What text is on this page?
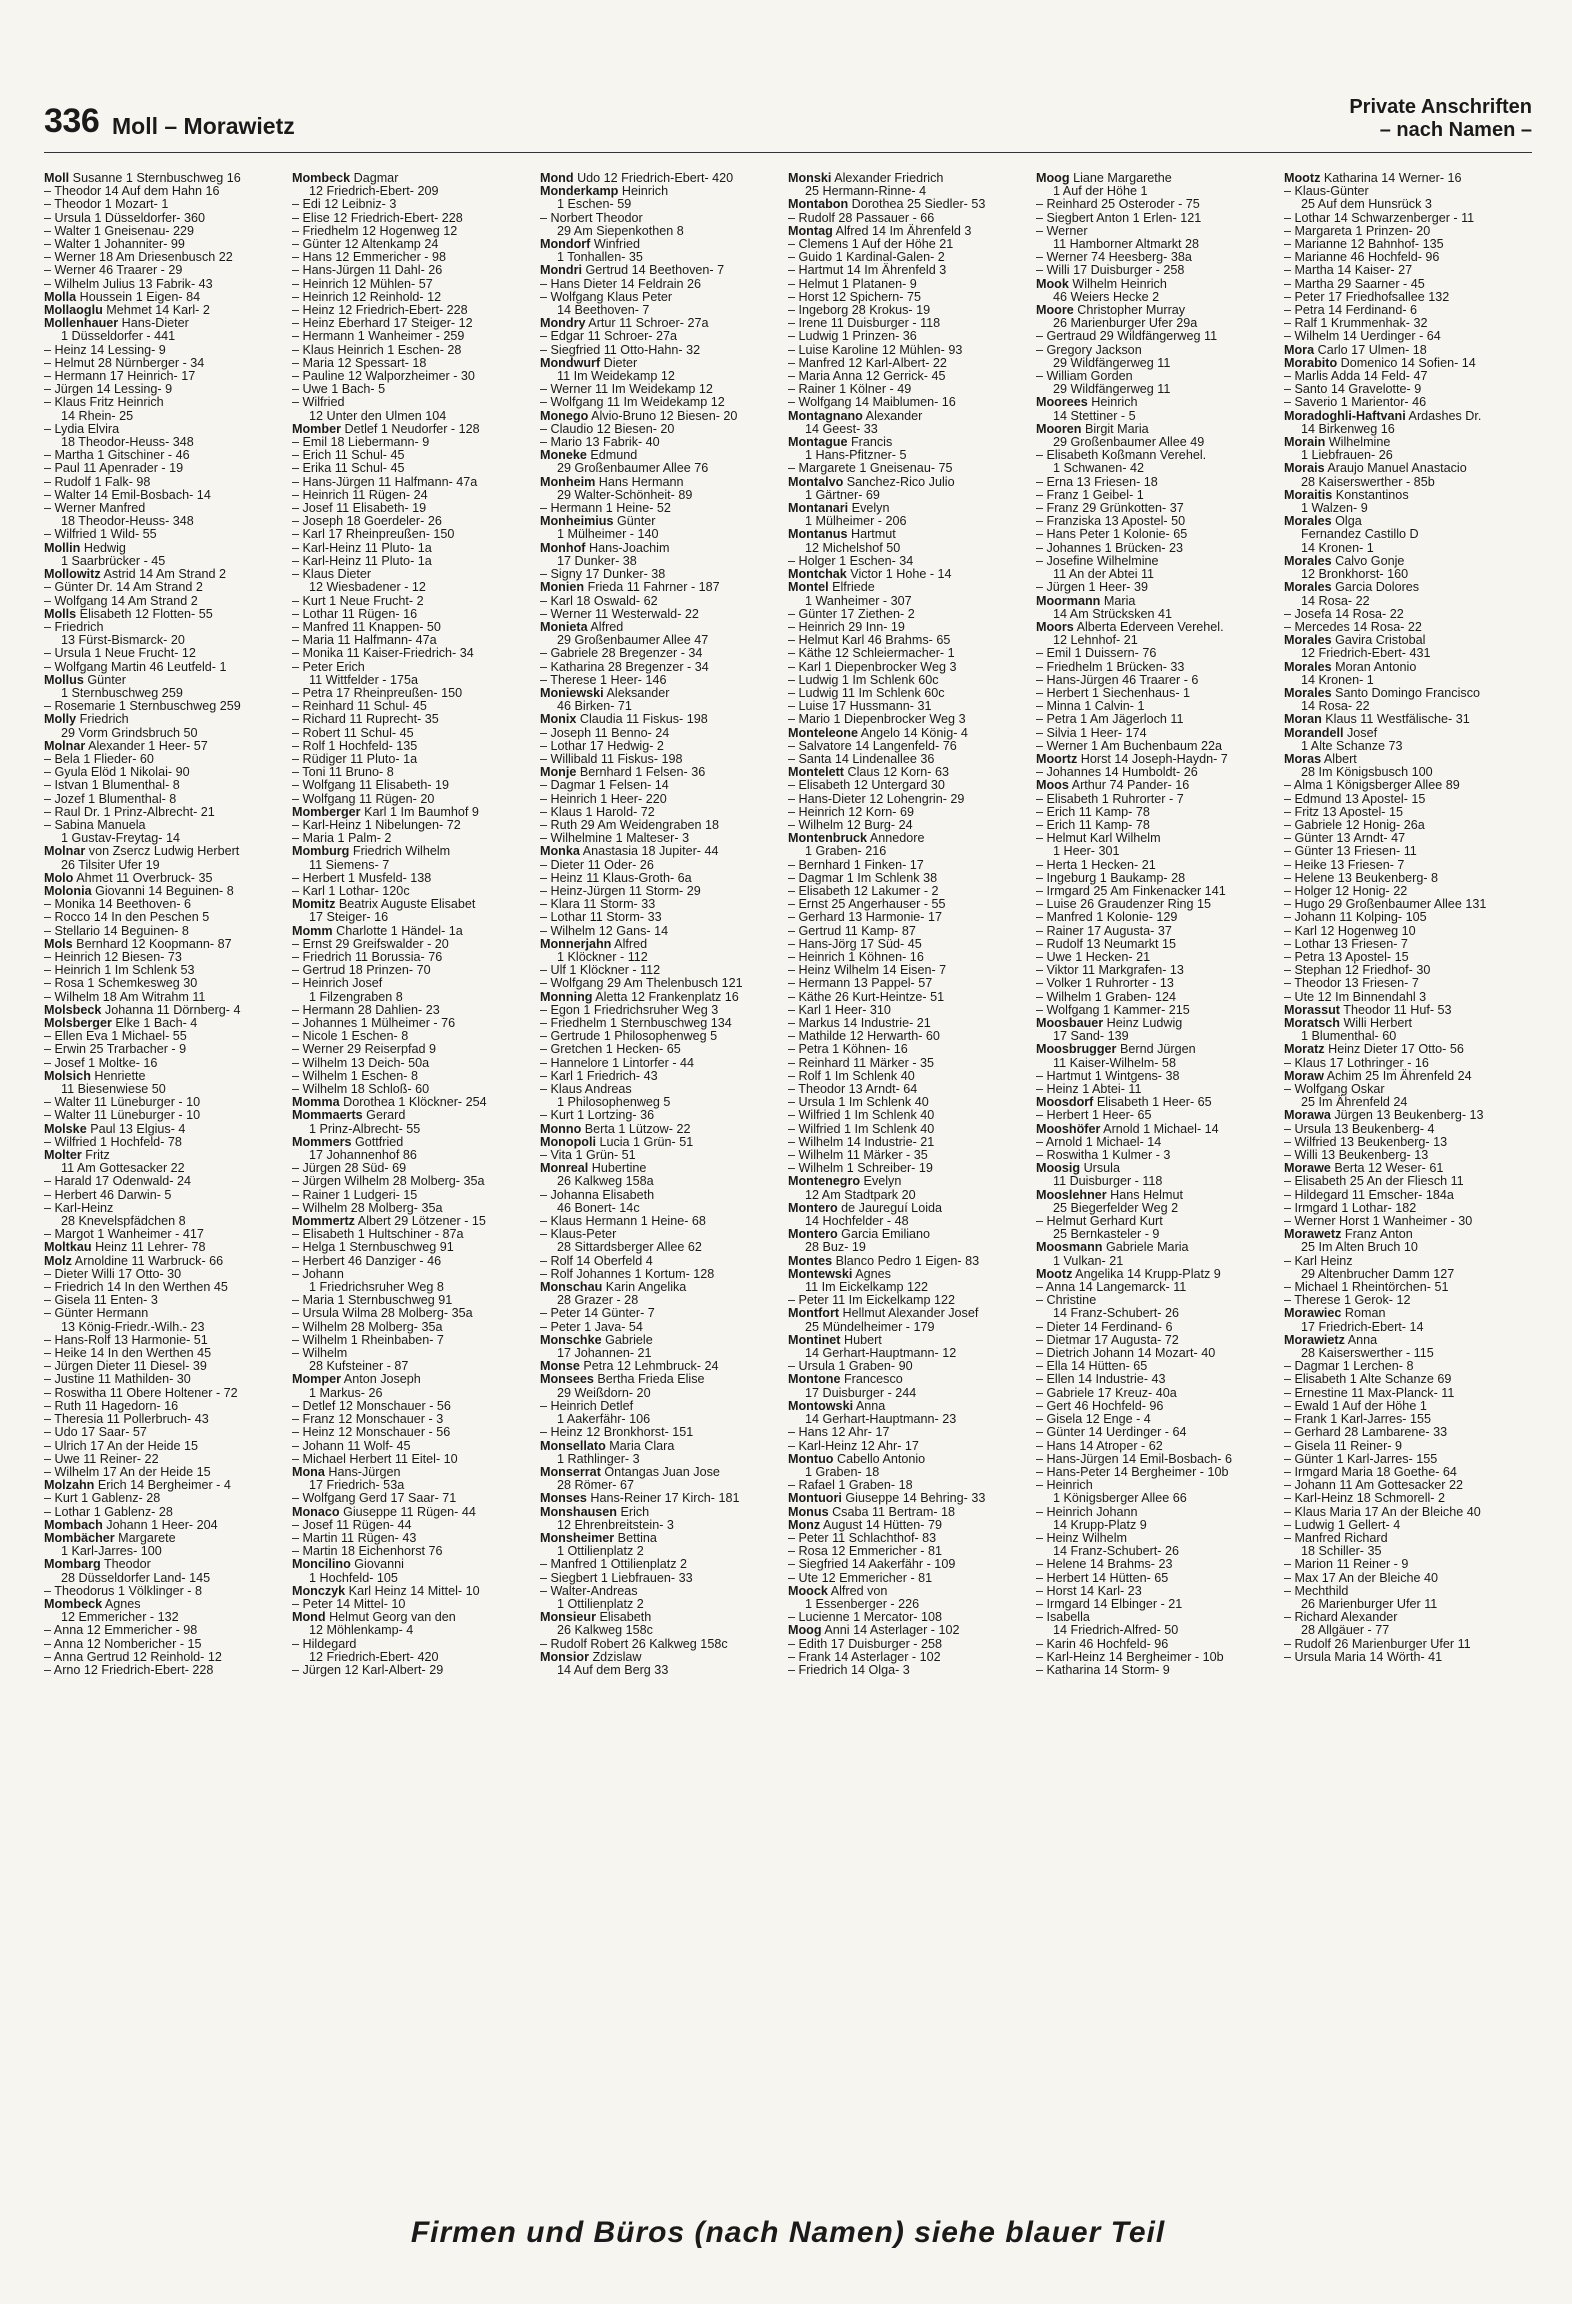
336 Moll – Morawietz
Private Anschriften
– nach Namen –
Moll Susanne 1 Sternbuschweg 16
– Theodor 14 Auf dem Hahn 16
– Theodor 1 Mozart- 1
– Ursula 1 Düsseldorfer- 360
– Walter 1 Gneisenau- 229
– Walter 1 Johanniter- 99
– Werner 18 Am Driesenbusch 22
– Werner 46 Traarer - 29
– Wilhelm Julius 13 Fabrik- 43
Molla Houssein 1 Eigen- 84
Mollaoglu Mehmet 14 Karl- 2
Mollenhauer Hans-Dieter
1 Düsseldorfer - 441
– Heinz 14 Lessing- 9
– Helmut 28 Nürnberger - 34
– Hermann 17 Heinrich- 17
– Jürgen 14 Lessing- 9
– Klaus Fritz Heinrich
14 Rhein- 25
– Lydia Elvira
18 Theodor-Heuss- 348
– Martha 1 Gitschiner - 46
– Paul 11 Apenrader - 19
– Rudolf 1 Falk- 98
– Walter 14 Emil-Bosbach- 14
– Werner Manfred
18 Theodor-Heuss- 348
– Wilfried 1 Wild- 55
Mollin Hedwig
1 Saarbrücker - 45
Mollowitz Astrid 14 Am Strand 2
– Günter Dr. 14 Am Strand 2
– Wolfgang 14 Am Strand 2
Molls Elisabeth 12 Flotten- 55
– Friedrich
13 Fürst-Bismarck- 20
– Ursula 1 Neue Frucht- 12
– Wolfgang Martin 46 Leutfeld- 1
Mollus Günter
1 Sternbuschweg 259
– Rosemarie 1 Sternbuschweg 259
Molly Friedrich
29 Vorm Grindsbruch 50
Molnar Alexander 1 Heer- 57
– Bela 1 Flieder- 60
– Gyula Elöd 1 Nikolai- 90
– Istvan 1 Blumenthal- 8
– Jozef 1 Blumenthal- 8
– Raul Dr. 1 Prinz-Albrecht- 21
– Sabina Manuela
1 Gustav-Freytag- 14
Molnar von Zsercz Ludwig Herbert
26 Tilsiter Ufer 19
Molo Ahmet 11 Overbruck- 35
Molonia Giovanni 14 Beguinen- 8
– Monika 14 Beethoven- 6
– Rocco 14 In den Peschen 5
– Stellario 14 Beguinen- 8
Mols Bernhard 12 Koopmann- 87
– Heinrich 12 Biesen- 73
– Heinrich 1 Im Schlenk 53
– Rosa 1 Schemkesweg 30
– Wilhelm 18 Am Witrahm 11
Molsbeck Johanna 11 Dörnberg- 4
Molsberger Elke 1 Bach- 4
– Ellen Eva 1 Michael- 55
– Erwin 25 Trarbacher - 9
– Josef 1 Moltke- 16
Molsich Henriette
11 Biesenwiese 50
– Walter 11 Lüneburger - 10
– Walter 11 Lüneburger - 10
Molske Paul 13 Elgius- 4
– Wilfried 1 Hochfeld- 78
Molter Fritz
11 Am Gottesacker 22
– Harald 17 Odenwald- 24
– Herbert 46 Darwin- 5
– Karl-Heinz
28 Knevelspfädchen 8
– Margot 1 Wanheimer - 417
Moltkau Heinz 11 Lehrer- 78
Molz Arnoldine 11 Warbruck- 66
– Dieter Willi 17 Otto- 30
– Friedrich 14 In den Werthen 45
– Gisela 11 Enten- 3
– Günter Hermann
13 König-Friedr.-Wilh.- 23
– Hans-Rolf 13 Harmonie- 51
– Heike 14 In den Werthen 45
– Jürgen Dieter 11 Diesel- 39
– Justine 11 Mathilden- 30
– Roswitha 11 Obere Holtener - 72
– Ruth 11 Hagedorn- 16
– Theresia 11 Pollerbruch- 43
– Udo 17 Saar- 57
– Ulrich 17 An der Heide 15
– Uwe 11 Reiner- 22
– Wilhelm 17 An der Heide 15
Molzahn Erich 14 Bergheimer - 4
– Kurt 1 Gablenz- 28
– Lothar 1 Gablenz- 28
Mombach Johann 1 Heer- 204
Mombächer Margarete
1 Karl-Jarres- 100
Mombarg Theodor
28 Düsseldorfer Land- 145
– Theodorus 1 Völklinger - 8
Mombeck Agnes
12 Emmericher - 132
– Anna 12 Emmericher - 98
– Anna 12 Nombericher - 15
– Anna Gertrud 12 Reinhold- 12
– Arno 12 Friedrich-Ebert- 228
Mombeck Dagmar
12 Friedrich-Ebert- 209
– Edi 12 Leibniz- 3
– Elise 12 Friedrich-Ebert- 228
– Friedhelm 12 Hogenweg 12
– Günter 12 Altenkamp 24
– Hans 12 Emmericher - 98
– Hans-Jürgen 11 Dahl- 26
– Heinrich 12 Mühlen- 57
– Heinrich 12 Reinhold- 12
– Heinz 12 Friedrich-Ebert- 228
– Heinz Eberhard 17 Steiger- 12
– Hermann 1 Wanheimer - 259
– Klaus Heinrich 1 Eschen- 28
– Maria 12 Spessart- 18
– Pauline 12 Walporzheimer - 30
– Uwe 1 Bach- 5
– Wilfried
12 Unter den Ulmen 104
Momber Detlef 1 Neudorfer - 128
– Emil 18 Liebermann- 9
– Erich 11 Schul- 45
– Erika 11 Schul- 45
– Hans-Jürgen 11 Halfmann- 47a
– Heinrich 11 Rügen- 24
– Josef 11 Elisabeth- 19
– Joseph 18 Goerdeler- 26
– Karl 17 Rheinpreußen- 150
– Karl-Heinz 11 Pluto- 1a
– Karl-Heinz 11 Pluto- 1a
– Klaus Dieter
12 Wiesbadener - 12
– Kurt 1 Neue Frucht- 2
– Lothar 11 Rügen- 16
– Manfred 11 Knappen- 50
– Maria 11 Halfmann- 47a
– Monika 11 Kaiser-Friedrich- 34
– Peter Erich
11 Wittfelder - 175a
– Petra 17 Rheinpreußen- 150
– Reinhard 11 Schul- 45
– Richard 11 Ruprecht- 35
– Robert 11 Schul- 45
– Rolf 1 Hochfeld- 135
– Rüdiger 11 Pluto- 1a
– Toni 11 Bruno- 8
– Wolfgang 11 Elisabeth- 19
– Wolfgang 11 Rügen- 20
Momberger Karl 1 Im Baumhof 9
– Karl-Heinz 1 Nibelungen- 72
– Maria 1 Palm- 2
Momburg Friedrich Wilhelm
11 Siemens- 7
– Herbert 1 Musfeld- 138
– Karl 1 Lothar- 120c
Momitz Beatrix Auguste Elisabet
17 Steiger- 16
Momm Charlotte 1 Händel- 1a
– Ernst 29 Greifswalder - 20
– Friedrich 11 Borussia- 76
– Gertrud 18 Prinzen- 70
– Heinrich Josef
1 Filzengraben 8
– Hermann 28 Dahlien- 23
– Johannes 1 Mülheimer - 76
– Nicole 1 Eschen- 8
– Werner 29 Reiserpfad 9
– Wilhelm 13 Deich- 50a
– Wilhelm 1 Eschen- 8
– Wilhelm 18 Schloß- 60
Momma Dorothea 1 Klöckner- 254
Mommaerts Gerard
1 Prinz-Albrecht- 55
Mommers Gottfried
17 Johannenhof 86
– Jürgen 28 Süd- 69
– Jürgen Wilhelm 28 Molberg- 35a
– Rainer 1 Ludgeri- 15
– Wilhelm 28 Molberg- 35a
Mommertz Albert 29 Lötzener - 15
– Elisabeth 1 Hultschiner - 87a
– Helga 1 Sternbuschweg 91
– Herbert 46 Danziger - 46
– Johann
1 Friedrichsruher Weg 8
– Maria 1 Sternbuschweg 91
– Ursula Wilma 28 Molberg- 35a
– Wilhelm 28 Molberg- 35a
– Wilhelm 1 Rheinbaben- 7
– Wilhelm
28 Kufsteiner - 87
Momper Anton Joseph
1 Markus- 26
– Detlef 12 Monschauer - 56
– Franz 12 Monschauer - 3
– Heinz 12 Monschauer - 56
– Johann 11 Wolf- 45
– Michael Herbert 11 Eitel- 10
Mona Hans-Jürgen
17 Friedrich- 53a
– Wolfgang Gerd 17 Saar- 71
Monaco Giuseppe 11 Rügen- 44
– Josef 11 Rügen- 44
– Martin 11 Rügen- 43
– Martin 18 Eichenhorst 76
Moncilino Giovanni
1 Hochfeld- 105
Monczyk Karl Heinz 14 Mittel- 10
– Peter 14 Mittel- 10
Mond Helmut Georg van den
12 Möhlenkamp- 4
– Hildegard
12 Friedrich-Ebert- 420
– Jürgen 12 Karl-Albert- 29
Mond Udo 12 Friedrich-Ebert- 420
Monderkamp Heinrich
1 Eschen- 59
– Norbert Theodor
29 Am Siepenkothen 8
Mondorf Winfried
1 Tonhallen- 35
Mondri Gertrud 14 Beethoven- 7
– Hans Dieter 14 Feldrain 26
– Wolfgang Klaus Peter
14 Beethoven- 7
Mondry Artur 11 Schroer- 27a
– Edgar 11 Schroer- 27a
– Siegfried 11 Otto-Hahn- 32
Mondwurf Dieter
11 Im Weidekamp 12
– Werner 11 Im Weidekamp 12
– Wolfgang 11 Im Weidekamp 12
Monego Alvio-Bruno 12 Biesen- 20
– Claudio 12 Biesen- 20
– Mario 13 Fabrik- 40
Moneke Edmund
29 Großenbaumer Allee 76
Monheim Hans Hermann
29 Walter-Schönheit- 89
– Hermann 1 Heine- 52
Monheimius Günter
1 Mülheimer - 140
Monhof Hans-Joachim
17 Dunker- 38
– Signy 17 Dunker- 38
Monien Frieda 11 Fahrner - 187
– Karl 18 Oswald- 62
– Werner 11 Westerwald- 22
Monieta Alfred
29 Großenbaumer Allee 47
– Gabriele 28 Bregenzer - 34
– Katharina 28 Bregenzer - 34
– Therese 1 Heer- 146
Moniewski Aleksander
46 Birken- 71
Monix Claudia 11 Fiskus- 198
– Joseph 11 Benno- 24
– Lothar 17 Hedwig- 2
– Willibald 11 Fiskus- 198
Monje Bernhard 1 Felsen- 36
– Dagmar 1 Felsen- 14
– Heinrich 1 Heer- 220
– Klaus 1 Harold- 72
– Ruth 29 Am Weidengraben 18
– Wilhelmine 1 Malteser- 3
Monka Anastasia 18 Jupiter- 44
– Dieter 11 Oder- 26
– Heinz 11 Klaus-Groth- 6a
– Heinz-Jürgen 11 Storm- 29
– Klara 11 Storm- 33
– Lothar 11 Storm- 33
– Wilhelm 12 Gans- 14
Monnerjahn Alfred
1 Klöckner - 112
– Ulf 1 Klöckner - 112
– Wolfgang 29 Am Thelenbusch 121
Monning Aletta 12 Frankenplatz 16
– Egon 1 Friedrichsruher Weg 3
– Friedhelm 1 Sternbuschweg 134
– Gertrude 1 Philosophenweg 5
– Gretchen 1 Hecken- 65
– Hannelore 1 Lintorfer - 44
– Karl 1 Friedrich- 43
– Klaus Andreas
1 Philosophenweg 5
– Kurt 1 Lortzing- 36
Monno Berta 1 Lützow- 22
Monopoli Lucia 1 Grün- 51
– Vita 1 Grün- 51
Monreal Hubertine
26 Kalkweg 158a
– Johanna Elisabeth
46 Bonert- 14c
– Klaus Hermann 1 Heine- 68
– Klaus-Peter
28 Sittardsberger Allee 62
– Rolf 14 Oberfeld 4
– Rolf Johannes 1 Kortum- 128
Monschau Karin Angelika
28 Grazer - 28
– Peter 14 Günter- 7
– Peter 1 Java- 54
Monschke Gabriele
17 Johannen- 21
Monse Petra 12 Lehmbruck- 24
Monsees Bertha Frieda Elise
29 Weißdorn- 20
– Heinrich Detlef
1 Aakerfähr- 106
– Heinz 12 Bronkhorst- 151
Monsellato Maria Clara
1 Rathlinger- 3
Monserrat Ontangas Juan Jose
28 Römer- 67
Monses Hans-Reiner 17 Kirch- 181
Monshausen Erich
12 Ehrenbreitstein- 3
Monsheimer Bettina
1 Ottilienplatz 2
– Manfred 1 Ottilienplatz 2
– Siegbert 1 Liebfrauen- 33
– Walter-Andreas
1 Ottilienplatz 2
Monsieur Elisabeth
26 Kalkweg 158c
– Rudolf Robert 26 Kalkweg 158c
Monsior Zdzislaw
14 Auf dem Berg 33
Monski Alexander Friedrich
25 Hermann-Rinne- 4
Montabon Dorothea 25 Siedler- 53
– Rudolf 28 Passauer - 66
Montag Alfred 14 Im Ährenfeld 3
– Clemens 1 Auf der Höhe 21
– Guido 1 Kardinal-Galen- 2
– Hartmut 14 Im Ährenfeld 3
– Helmut 1 Platanen- 9
– Horst 12 Spichern- 75
– Ingeborg 28 Krokus- 19
– Irene 11 Duisburger - 118
– Ludwig 1 Prinzen- 36
– Luise Karoline 12 Mühlen- 93
– Manfred 12 Karl-Albert- 22
– Maria Anna 12 Gerrick- 45
– Rainer 1 Kölner - 49
– Wolfgang 14 Maiblumen- 16
Montagnano Alexander
14 Geest- 33
Montague Francis
1 Hans-Pfitzner- 5
– Margarete 1 Gneisenau- 75
Montalvo Sanchez-Rico Julio
1 Gärtner- 69
Montanari Evelyn
1 Mülheimer - 206
Montanus Hartmut
12 Michelshof 50
– Holger 1 Eschen- 34
Montchak Victor 1 Hohe - 14
Montel Elfriede
1 Wanheimer - 307
– Günter 17 Ziethen- 2
– Heinrich 29 Inn- 19
– Helmut Karl 46 Brahms- 65
– Käthe 12 Schleiermacher- 1
– Karl 1 Diepenbrocker Weg 3
– Ludwig 1 Im Schlenk 60c
– Ludwig 11 Im Schlenk 60c
– Luise 17 Hussmann- 31
– Mario 1 Diepenbrocker Weg 3
Monteleone Angelo 14 König- 4
– Salvatore 14 Langenfeld- 76
– Santa 14 Lindenallee 36
Montelett Claus 12 Korn- 63
– Elisabeth 12 Untergard 30
– Hans-Dieter 12 Lohengrin- 29
– Heinrich 12 Korn- 69
– Wilhelm 12 Burg- 24
Montenbruck Annedore
1 Graben- 216
– Bernhard 1 Finken- 17
– Dagmar 1 Im Schlenk 38
– Elisabeth 12 Lakumer - 2
– Ernst 25 Angerhauser - 55
– Gerhard 13 Harmonie- 17
– Gertrud 11 Kamp- 87
– Hans-Jörg 17 Süd- 45
– Heinrich 1 Köhnen- 16
– Heinz Wilhelm 14 Eisen- 7
– Hermann 13 Pappel- 57
– Käthe 26 Kurt-Heintze- 51
– Karl 1 Heer- 310
– Markus 14 Industrie- 21
– Mathilde 12 Herwarth- 60
– Petra 1 Köhnen- 16
– Reinhard 11 Märker - 35
– Rolf 1 Im Schlenk 40
– Theodor 13 Arndt- 64
– Ursula 1 Im Schlenk 40
– Wilfried 1 Im Schlenk 40
– Wilfried 1 Im Schlenk 40
– Wilhelm 14 Industrie- 21
– Wilhelm 11 Märker - 35
– Wilhelm 1 Schreiber- 19
Montenegro Evelyn
12 Am Stadtpark 20
Montero de Jaureguí Loida
14 Hochfelder - 48
Montero Garcia Emiliano
28 Buz- 19
Montes Blanco Pedro 1 Eigen- 83
Montewski Agnes
11 Im Eickelkamp 122
– Peter 11 Im Eickelkamp 122
Montfort Hellmut Alexander Josef
25 Mündelheimer - 179
Montinet Hubert
14 Gerhart-Hauptmann- 12
– Ursula 1 Graben- 90
Montone Francesco
17 Duisburger - 244
Montowski Anna
14 Gerhart-Hauptmann- 23
– Hans 12 Ahr- 17
– Karl-Heinz 12 Ahr- 17
Montuo Cabello Antonio
1 Graben- 18
– Rafael 1 Graben- 18
Montuori Giuseppe 14 Behring- 33
Monus Csaba 11 Bertram- 18
Monz August 14 Hütten- 79
– Peter 11 Schlachthof- 83
– Rosa 12 Emmericher - 81
– Siegfried 14 Aakerfähr - 109
– Ute 12 Emmericher - 81
Moock Alfred von
1 Essenberger - 226
– Lucienne 1 Mercator- 108
Moog Anni 14 Asterlager - 102
– Edith 17 Duisburger - 258
– Frank 14 Asterlager - 102
– Friedrich 14 Olga- 3
Moog Liane Margarethe
1 Auf der Höhe 1
– Reinhard 25 Osteroder - 75
– Siegbert Anton 1 Erlen- 121
– Werner
11 Hamborner Altmarkt 28
– Werner 74 Heesberg- 38a
– Willi 17 Duisburger - 258
Mook Wilhelm Heinrich
46 Weiers Hecke 2
Moore Christopher Murray
26 Marienburger Ufer 29a
– Gertraud 29 Wildfängerweg 11
– Gregory Jackson
29 Wildfängerweg 11
– William Gorden
29 Wildfängerweg 11
Moorees Heinrich
14 Stettiner - 5
Mooren Birgit Maria
29 Großenbaumer Allee 49
– Elisabeth Koßmann Verehel.
1 Schwanen- 42
– Erna 13 Friesen- 18
– Franz 1 Geibel- 1
– Franz 29 Grünkotten- 37
– Franziska 13 Apostel- 50
– Hans Peter 1 Kolonie- 65
– Johannes 1 Brücken- 23
– Josefine Wilhelmine
11 An der Abtei 11
– Jürgen 1 Heer- 39
Moormann Maria
14 Am Strücksken 41
Moors Alberta Ederveen Verehel.
12 Lehnhof- 21
– Emil 1 Duissern- 76
– Friedhelm 1 Brücken- 33
– Hans-Jürgen 46 Traarer - 6
– Herbert 1 Siechenhaus- 1
– Minna 1 Calvin- 1
– Petra 1 Am Jägerloch 11
– Silvia 1 Heer- 174
– Werner 1 Am Buchenbaum 22a
Moortz Horst 14 Joseph-Haydn- 7
– Johannes 14 Humboldt- 26
Moos Arthur 74 Pander- 16
– Elisabeth 1 Ruhrorter - 7
– Erich 11 Kamp- 78
– Erich 11 Kamp- 78
– Helmut Karl Wilhelm
1 Heer- 301
– Herta 1 Hecken- 21
– Ingeburg 1 Baukamp- 28
– Irmgard 25 Am Finkenacker 141
– Luise 26 Graudenzer Ring 15
– Manfred 1 Kolonie- 129
– Rainer 17 Augusta- 37
– Rudolf 13 Neumarkt 15
– Uwe 1 Hecken- 21
– Viktor 11 Markgrafen- 13
– Volker 1 Ruhrorter - 13
– Wilhelm 1 Graben- 124
– Wolfgang 1 Kammer- 215
Moosbauer Heinz Ludwig
17 Sand- 139
Moosbrugger Bernd Jürgen
11 Kaiser-Wilhelm- 58
– Hartmut 1 Wintgens- 38
– Heinz 1 Abtei- 11
Moosdorf Elisabeth 1 Heer- 65
– Herbert 1 Heer- 65
Mooshöfer Arnold 1 Michael- 14
– Arnold 1 Michael- 14
– Roswitha 1 Kulmer - 3
Moosig Ursula
11 Duisburger - 118
Mooslehner Hans Helmut
25 Biegerfelder Weg 2
– Helmut Gerhard Kurt
25 Bernkasteler - 9
Moosmann Gabriele Maria
1 Vulkan- 21
Mootz Angelika 14 Krupp-Platz 9
– Anna 14 Langemarck- 11
– Christine
14 Franz-Schubert- 26
– Dieter 14 Ferdinand- 6
– Dietmar 17 Augusta- 72
– Dietrich Johann 14 Mozart- 40
– Ella 14 Hütten- 65
– Ellen 14 Industrie- 43
– Gabriele 17 Kreuz- 40a
– Gert 46 Hochfeld- 96
– Gisela 12 Enge - 4
– Günter 14 Uerdinger - 64
– Hans 14 Atroper - 62
– Hans-Jürgen 14 Emil-Bosbach- 6
– Hans-Peter 14 Bergheimer - 10b
– Heinrich
1 Königsberger Allee 66
– Heinrich Johann
14 Krupp-Platz 9
– Heinz Wilhelm
14 Franz-Schubert- 26
– Helene 14 Brahms- 23
– Herbert 14 Hütten- 65
– Horst 14 Karl- 23
– Irmgard 14 Elbinger - 21
– Isabella
14 Friedrich-Alfred- 50
– Karin 46 Hochfeld- 96
– Karl-Heinz 14 Bergheimer - 10b
– Katharina 14 Storm- 9
Mootz Katharina 14 Werner- 16
– Klaus-Günter
25 Auf dem Hunsrück 3
– Lothar 14 Schwarzenberger - 11
– Margareta 1 Prinzen- 20
– Marianne 12 Bahnhof- 135
– Marianne 46 Hochfeld- 96
– Martha 14 Kaiser- 27
– Martha 29 Saarner - 45
– Peter 17 Friedhofsallee 132
– Petra 14 Ferdinand- 6
– Ralf 1 Krummenhak- 32
– Wilhelm 14 Uerdinger - 64
Mora Carlo 17 Ulmen- 18
Morabito Domenico 14 Sofien- 14
– Marlis Adda 14 Feld- 47
– Santo 14 Gravelotte- 9
– Saverio 1 Marientor- 46
Moradoghli-Haftvani Ardashes Dr.
14 Birkenweg 16
Morain Wilhelmine
1 Liebfrauen- 26
Morais Araujo Manuel Anastacio
28 Kaiserswerther - 85b
Moraitis Konstantinos
1 Walzen- 9
Morales Olga
Fernandez Castillo D
14 Kronen- 1
Morales Calvo Gonje
12 Bronkhorst- 160
Morales Garcia Dolores
14 Rosa- 22
– Josefa 14 Rosa- 22
– Mercedes 14 Rosa- 22
Morales Gavira Cristobal
12 Friedrich-Ebert- 431
Morales Moran Antonio
14 Kronen- 1
Morales Santo Domingo Francisco
14 Rosa- 22
Moran Klaus 11 Westfälische- 31
Morandell Josef
1 Alte Schanze 73
Moras Albert
28 Im Königsbusch 100
– Alma 1 Königsberger Allee 89
– Edmund 13 Apostel- 15
– Fritz 13 Apostel- 15
– Gabriele 12 Honig- 26a
– Günter 13 Arndt- 47
– Günter 13 Friesen- 11
– Heike 13 Friesen- 7
– Helene 13 Beukenberg- 8
– Holger 12 Honig- 22
– Hugo 29 Großenbaumer Allee 131
– Johann 11 Kolping- 105
– Karl 12 Hogenweg 10
– Lothar 13 Friesen- 7
– Petra 13 Apostel- 15
– Stephan 12 Friedhof- 30
– Theodor 13 Friesen- 7
– Ute 12 Im Binnendahl 3
Morassut Theodor 11 Huf- 53
Moratsch Willi Herbert
1 Blumenthal- 60
Moratz Heinz Dieter 17 Otto- 56
– Klaus 17 Lothringer - 16
Moraw Achim 25 Im Ährenfeld 24
– Wolfgang Oskar
25 Im Ährenfeld 24
Morawa Jürgen 13 Beukenberg- 13
– Ursula 13 Beukenberg- 4
– Wilfried 13 Beukenberg- 13
– Willi 13 Beukenberg- 13
Morawe Berta 12 Weser- 61
– Elisabeth 25 An der Fliesch 11
– Hildegard 11 Emscher- 184a
– Irmgard 1 Lothar- 182
– Werner Horst 1 Wanheimer - 30
Morawetz Franz Anton
25 Im Alten Bruch 10
– Karl Heinz
29 Altenbrucher Damm 127
– Michael 1 Rheintörchen- 51
– Therese 1 Gerok- 12
Morawiec Roman
17 Friedrich-Ebert- 14
Morawietz Anna
28 Kaiserswerther - 115
– Dagmar 1 Lerchen- 8
– Elisabeth 1 Alte Schanze 69
– Ernestine 11 Max-Planck- 11
– Ewald 1 Auf der Höhe 1
– Frank 1 Karl-Jarres- 155
– Gerhard 28 Lambarene- 33
– Gisela 11 Reiner- 9
– Günter 1 Karl-Jarres- 155
– Irmgard Maria 18 Goethe- 64
– Johann 11 Am Gottesacker 22
– Karl-Heinz 18 Schmorell- 2
– Klaus Maria 17 An der Bleiche 40
– Ludwig 1 Gellert- 4
– Manfred Richard
18 Schiller- 35
– Marion 11 Reiner - 9
– Max 17 An der Bleiche 40
– Mechthild
26 Marienburger Ufer 11
– Richard Alexander
28 Allgäuer - 77
– Rudolf 26 Marienburger Ufer 11
– Ursula Maria 14 Wörth- 41
Firmen und Büros (nach Namen) siehe blauer Teil
